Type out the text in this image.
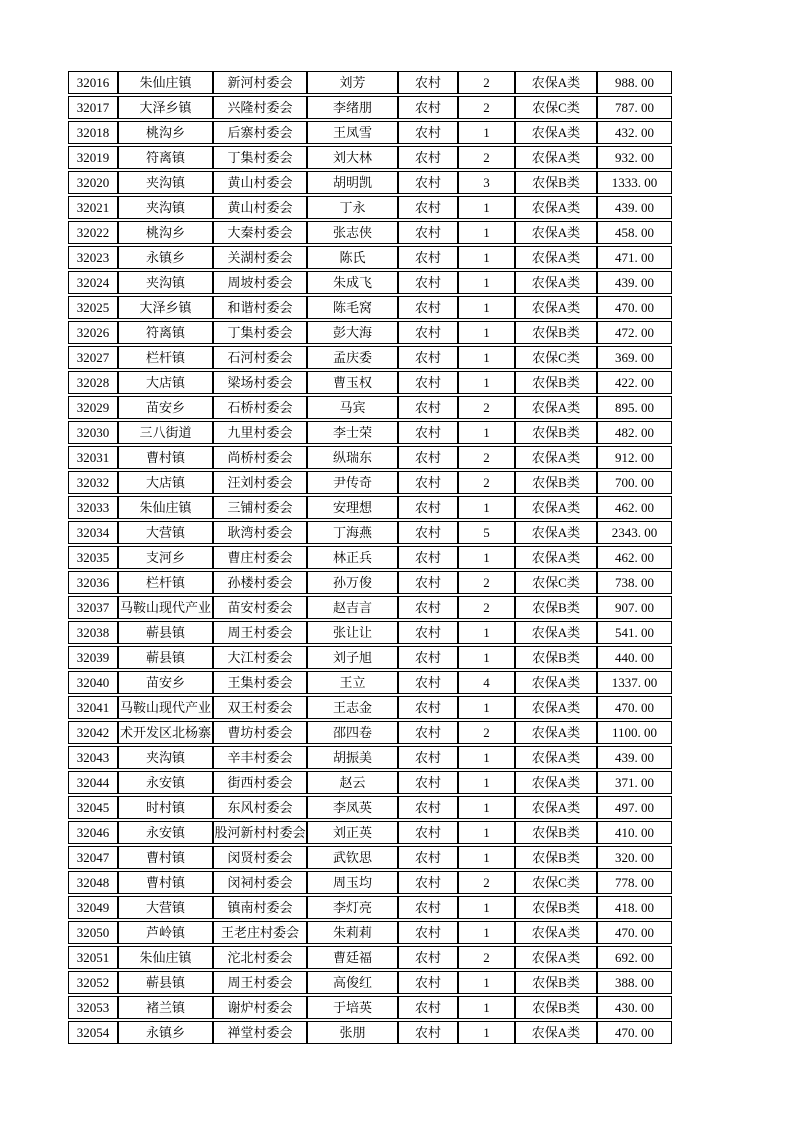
32016	朱仙庄镇	新河村委会	刘芳	农村	2	农保A类	988. 00
32017	大泽乡镇	兴隆村委会	李绪朋	农村	2	农保C类	787. 00
32018	桃沟乡	后寨村委会	王凤雪	农村	1	农保A类	432. 00
32019	符离镇	丁集村委会	刘大林	农村	2	农保A类	932. 00
32020	夹沟镇	黄山村委会	胡明凯	农村	3	农保B类	1333. 00
32021	夹沟镇	黄山村委会	丁永	农村	1	农保A类	439. 00
32022	桃沟乡	大秦村委会	张志侠	农村	1	农保A类	458. 00
32023	永镇乡	关湖村委会	陈氏	农村	1	农保A类	471. 00
32024	夹沟镇	周坡村委会	朱成飞	农村	1	农保A类	439. 00
32025	大泽乡镇	和谐村委会	陈毛窝	农村	1	农保A类	470. 00
32026	符离镇	丁集村委会	彭大海	农村	1	农保B类	472. 00
32027	栏杆镇	石河村委会	孟庆委	农村	1	农保C类	369. 00
32028	大店镇	梁场村委会	曹玉权	农村	1	农保B类	422. 00
32029	苗安乡	石桥村委会	马宾	农村	2	农保A类	895. 00
32030	三八街道	九里村委会	李士荣	农村	1	农保B类	482. 00
32031	曹村镇	尚桥村委会	纵瑞东	农村	2	农保A类	912. 00
32032	大店镇	汪刘村委会	尹传奇	农村	2	农保B类	700. 00
32033	朱仙庄镇	三铺村委会	安理想	农村	1	农保A类	462. 00
32034	大营镇	耿湾村委会	丁海燕	农村	5	农保A类	2343. 00
32035	支河乡	曹庄村委会	林正兵	农村	1	农保A类	462. 00
32036	栏杆镇	孙楼村委会	孙万俊	农村	2	农保C类	738. 00
32037 马鞍山现代产业	苗安村委会	赵吉言	农村	2	农保B类	907. 00
32038	蕲县镇	周王村委会	张让让	农村	1	农保A类	541. 00
32039	蕲县镇	大江村委会	刘子旭	农村	1	农保B类	440. 00
32040	苗安乡	王集村委会	王立	农村	4	农保A类	1337. 00
32041 马鞍山现代产业	双王村委会	王志金	农村	1	农保A类	470. 00
32042 术开发区北杨寨	曹坊村委会	邵四卷	农村	2	农保A类	1100. 00
32043	夹沟镇	辛丰村委会	胡振美	农村	1	农保A类	439. 00
32044	永安镇	街西村委会	赵云	农村	1	农保A类	371. 00
32045	时村镇	东风村委会	李凤英	农村	1	农保A类	497. 00
32046	永安镇	股河新村村委会	刘正英	农村	1	农保B类	410. 00
32047	曹村镇	闵贤村委会	武钦思	农村	1	农保B类	320. 00
32048	曹村镇	闵祠村委会	周玉均	农村	2	农保C类	778. 00
32049	大营镇	镇南村委会	李灯亮	农村	1	农保B类	418. 00
32050	芦岭镇	王老庄村委会	朱莉莉	农村	1	农保A类	470. 00
32051	朱仙庄镇	沱北村委会	曹廷福	农村	2	农保A类	692. 00
32052	蕲县镇	周王村委会	高俊红	农村	1	农保B类	388. 00
32053	褚兰镇	谢炉村委会	于培英	农村	1	农保B类	430. 00
32054	永镇乡	禅堂村委会	张朋	农村	1	农保A类	470. 00
